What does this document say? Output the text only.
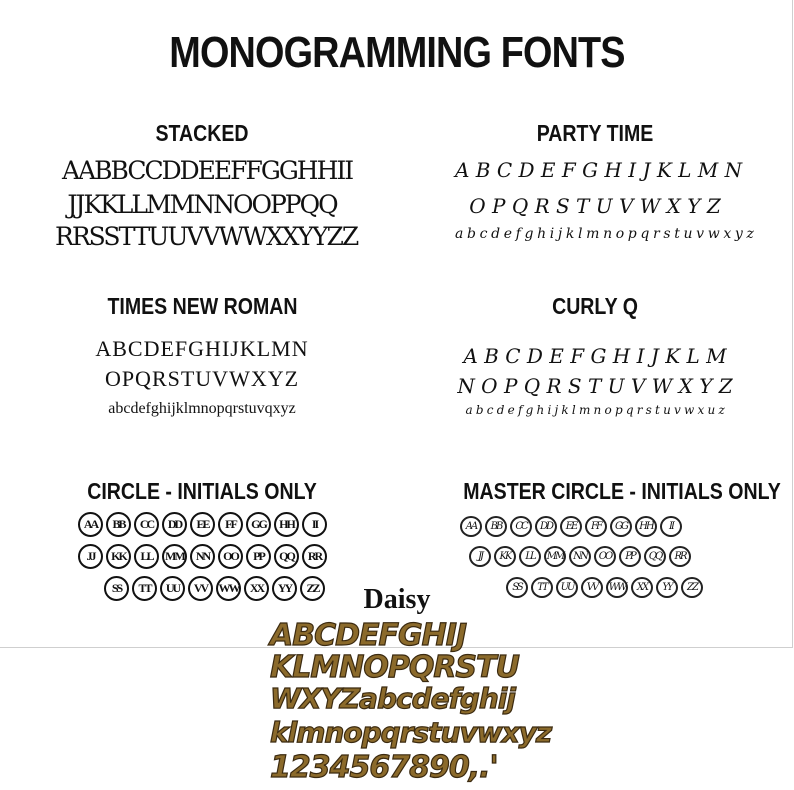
MONOGRAMMING FONTS
STACKED
AABBCCDDEEFFGGHHII
JJKKLLMMNNOOPPQQ
RRSSTTUUVVWWXXYYZZ
PARTY TIME
A B C D E F G H I J K L M N
O P Q R S T U V W X Y Z
a b c d e f g h i j k l m n o p q r s t u v w x y z
TIMES NEW ROMAN
ABCDEFGHIJKLMN
OPQRSTUVWXYZ
abcdefghijklmnopqrstuvqxyz
CURLY Q
A B C D E F G H I J K L M
N O P Q R S T U V W X Y Z
a b c d e f g h i j k l m n o p q r s t u v w x u z
CIRCLE - INITIALS ONLY
AA	BB	CC	DD	EE	FF	GG	HH	II
JJ	KK	LL	MM	NN	OO	PP	QQ	RR
SS	TT	UU	VV WW XX	YY	ZZ
MASTER CIRCLE - INITIALS ONLY
AA	BB	CC	DD	EE	FF	GG	HH	II
JJ	KK	LL	MM	NN	OO	PP	QQ	RR
SS	TT	UU	VV	WW	XX	YY	ZZ
Daisy
ABCDEFGHIJ
KLMNOPQRSTU
WXYZabcdefghij
klmnopqrstuvwxyz
1234567890,.'
